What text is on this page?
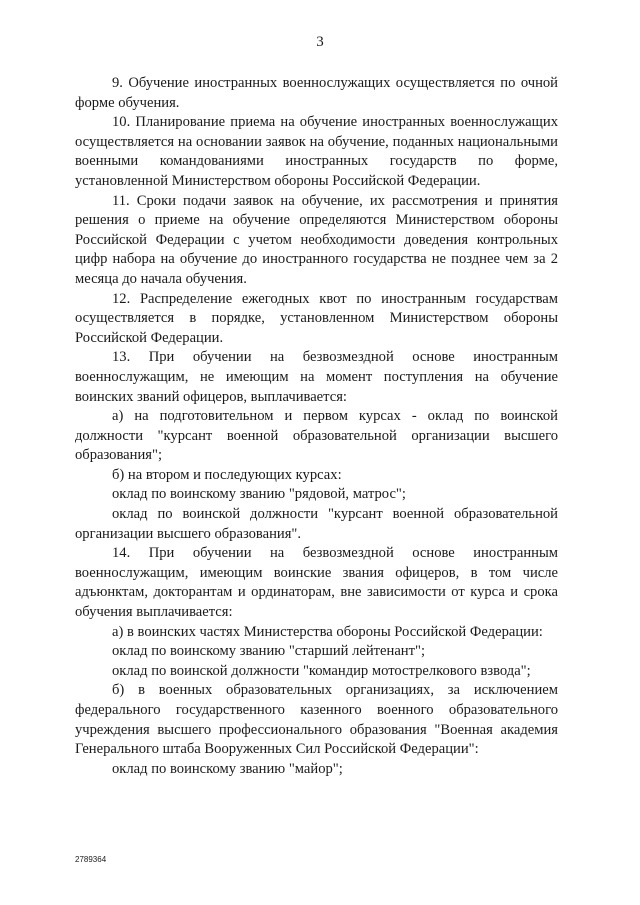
3

9. Обучение иностранных военнослужащих осуществляется по очной форме обучения.

10. Планирование приема на обучение иностранных военнослужащих осуществляется на основании заявок на обучение, поданных национальными военными командованиями иностранных государств по форме, установленной Министерством обороны Российской Федерации.

11. Сроки подачи заявок на обучение, их рассмотрения и принятия решения о приеме на обучение определяются Министерством обороны Российской Федерации с учетом необходимости доведения контрольных цифр набора на обучение до иностранного государства не позднее чем за 2 месяца до начала обучения.

12. Распределение ежегодных квот по иностранным государствам осуществляется в порядке, установленном Министерством обороны Российской Федерации.

13. При обучении на безвозмездной основе иностранным военнослужащим, не имеющим на момент поступления на обучение воинских званий офицеров, выплачивается:

а) на подготовительном и первом курсах - оклад по воинской должности "курсант военной образовательной организации высшего образования";

б) на втором и последующих курсах:

оклад по воинскому званию "рядовой, матрос";

оклад по воинской должности "курсант военной образовательной организации высшего образования".

14. При обучении на безвозмездной основе иностранным военнослужащим, имеющим воинские звания офицеров, в том числе адъюнктам, докторантам и ординаторам, вне зависимости от курса и срока обучения выплачивается:

а) в воинских частях Министерства обороны Российской Федерации:

оклад по воинскому званию "старший лейтенант";

оклад по воинской должности "командир мотострелкового взвода";

б) в военных образовательных организациях, за исключением федерального государственного казенного военного образовательного учреждения высшего профессионального образования "Военная академия Генерального штаба Вооруженных Сил Российской Федерации":

оклад по воинскому званию "майор";

2789364
